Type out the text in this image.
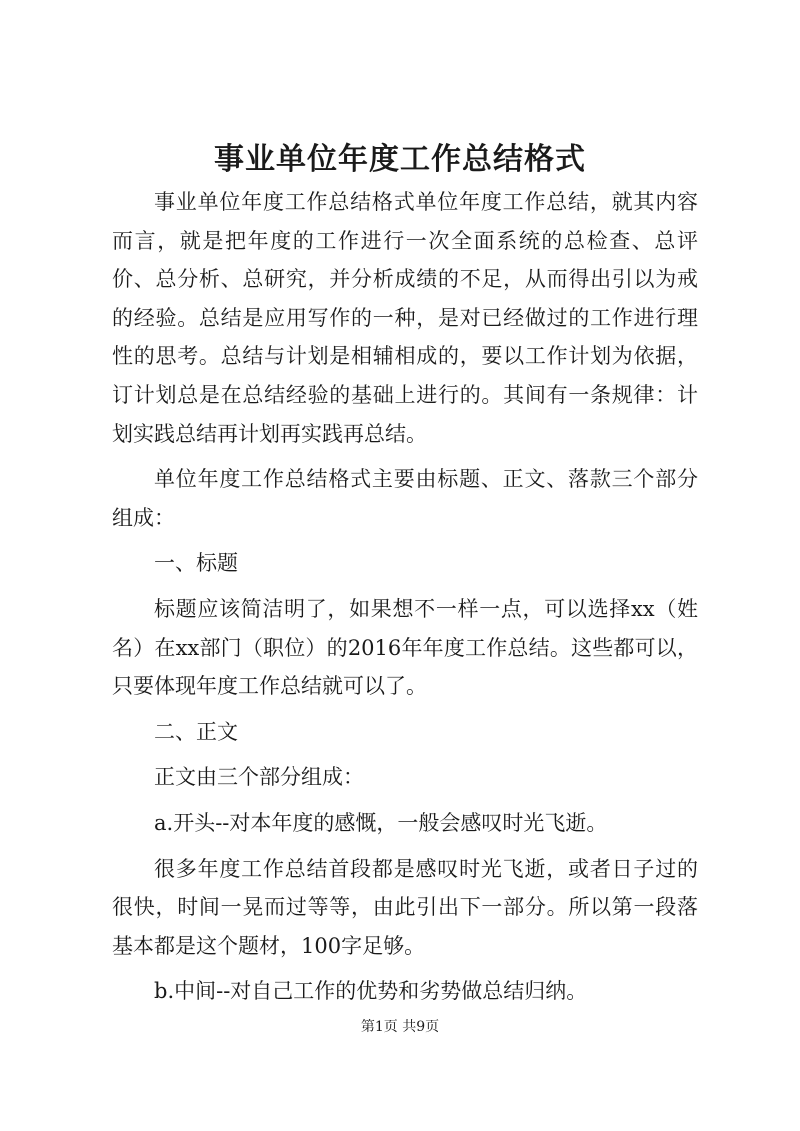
事业单位年度工作总结格式

事业单位年度工作总结格式单位年度工作总结，就其内容而言，就是把年度的工作进行一次全面系统的总检查、总评价、总分析、总研究，并分析成绩的不足，从而得出引以为戒的经验。总结是应用写作的一种，是对已经做过的工作进行理性的思考。总结与计划是相辅相成的，要以工作计划为依据，订计划总是在总结经验的基础上进行的。其间有一条规律：计划实践总结再计划再实践再总结。

单位年度工作总结格式主要由标题、正文、落款三个部分组成：

一、标题

标题应该简洁明了，如果想不一样一点，可以选择xx（姓名）在xx部门（职位）的2016年年度工作总结。这些都可以，只要体现年度工作总结就可以了。

二、正文

正文由三个部分组成：

a.开头--对本年度的感慨，一般会感叹时光飞逝。

很多年度工作总结首段都是感叹时光飞逝，或者日子过的很快，时间一晃而过等等，由此引出下一部分。所以第一段落基本都是这个题材，100字足够。

b.中间--对自己工作的优势和劣势做总结归纳。

第1页 共9页
